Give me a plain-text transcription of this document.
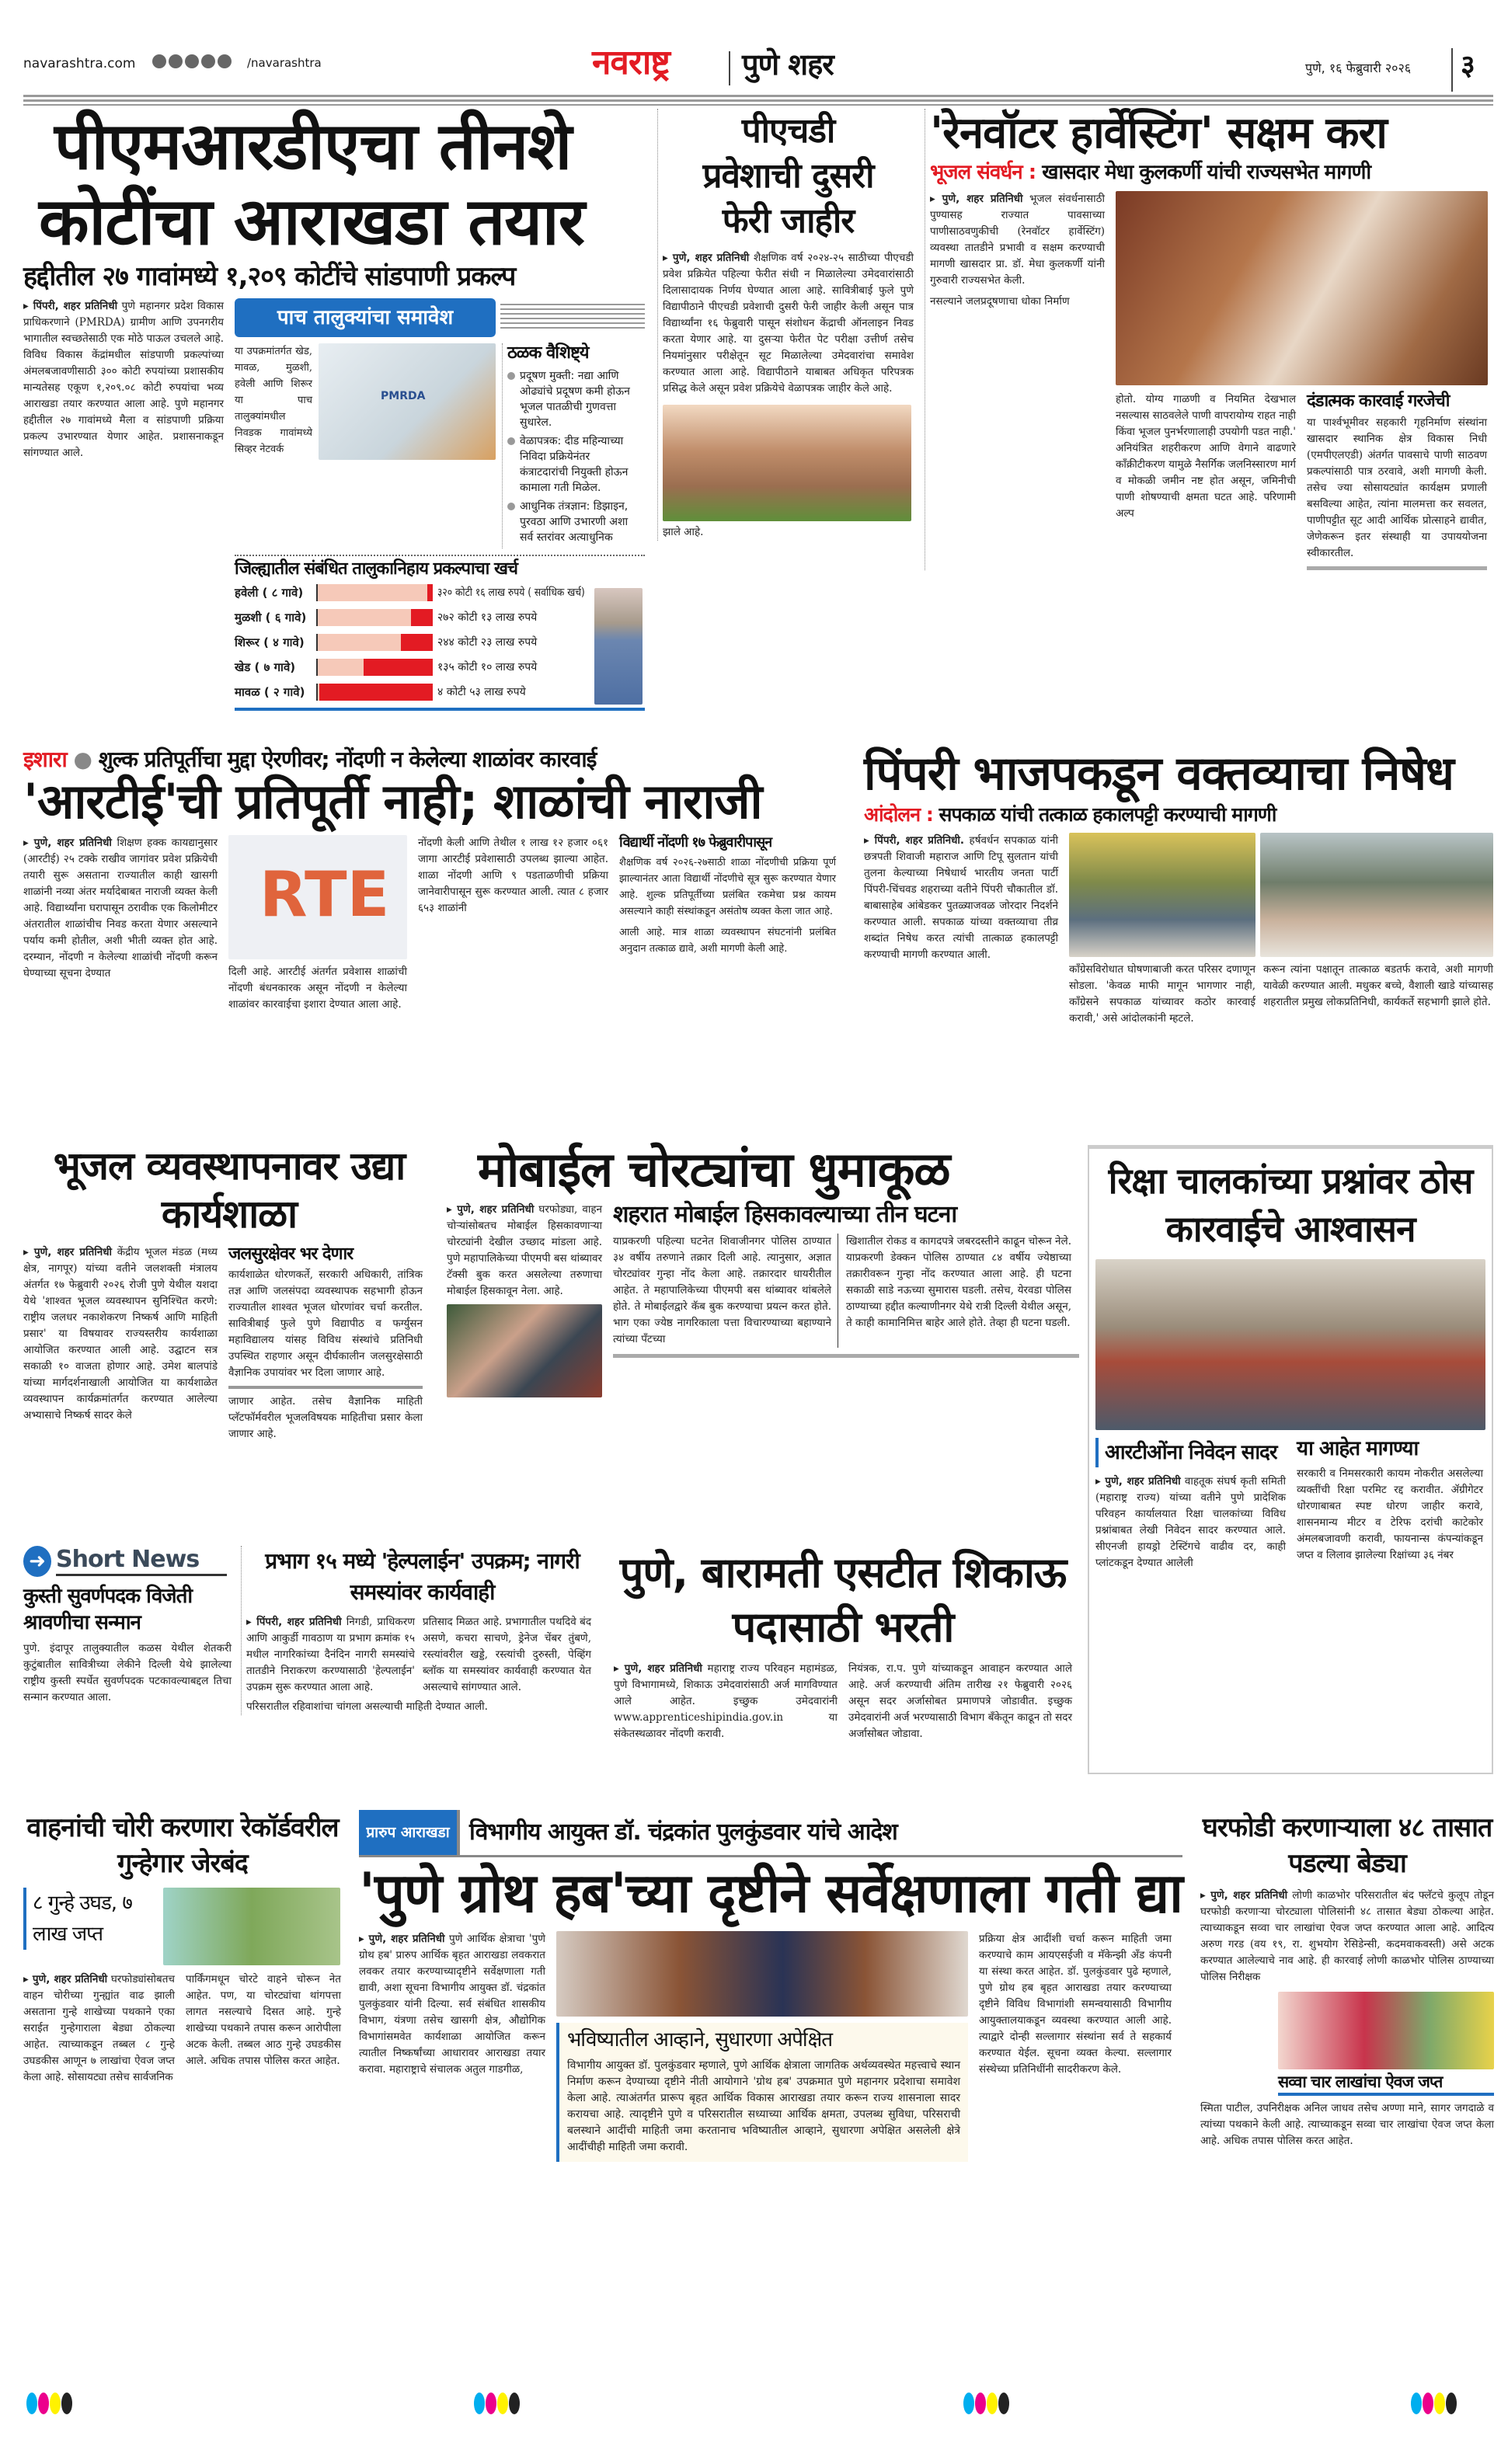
navarashtra.com	/navarashtra	नवराष्ट्र पुणे शहर	पुणे, १६ फेब्रुवारी २०२६ ३
पीएमआरडीएचा तीनशे
कोटींचा आराखडा तयार
हद्दीतील २७ गावांमध्ये १,२०९ कोटींचे सांडपाणी प्रकल्प
▸ पिंपरी, शहर प्रतिनिधी पुणे महानगर प्रदेश विकास प्राधिकरणाने (PMRDA) ग्रामीण आणि उपनगरीय भागातील स्वच्छतेसाठी एक मोठे पाऊल उचलले आहे. विविध विकास केंद्रांमधील सांडपाणी प्रकल्पांच्या अंमलबजावणीसाठी ३०० कोटी रुपयांच्या प्रशासकीय मान्यतेसह एकूण १,२०९.०८ कोटी रुपयांचा भव्य आराखडा तयार करण्यात आला आहे. पुणे महानगर हद्दीतील २७ गावांमध्ये मैला व सांडपाणी प्रक्रिया प्रकल्प उभारण्यात येणार आहेत. प्रशासनाकडून सांगण्यात आले.
पाच तालुक्यांचा समावेश
या उपक्रमांतर्गत खेड, मावळ, मुळशी, हवेली आणि शिरूर या पाच तालुक्यांमधील निवडक गावांमध्ये सिव्हर नेटवर्क
PMRDA
ठळक वैशिष्ट्ये
प्रदूषण मुक्ती: नद्या आणि ओढ्यांचे प्रदूषण कमी होऊन भूजल पातळीची गुणवत्ता सुधारेल.
वेळापत्रक: दीड महिन्याच्या निविदा प्रक्रियेनंतर कंत्राटदारांची नियुक्ती होऊन कामाला गती मिळेल.
आधुनिक तंत्रज्ञान: डिझाइन, पुरवठा आणि उभारणी अशा सर्व स्तरांवर अत्याधुनिक
जिल्ह्यातील संबंधित तालुकानिहाय प्रकल्पाचा खर्च
हवेली ( ८ गावे)	३२० कोटी १६ लाख रुपये ( सर्वाधिक खर्च)
मुळशी ( ६ गावे)	२७२ कोटी १३ लाख रुपये
शिरूर ( ४ गावे)	२४४ कोटी २३ लाख रुपये
खेड ( ७ गावे)	१३५ कोटी १० लाख रुपये
मावळ ( २ गावे)	४ कोटी ५३ लाख रुपये
पीएचडी
प्रवेशाची दुसरी
फेरी जाहीर
▸ पुणे, शहर प्रतिनिधी शैक्षणिक वर्ष २०२४-२५ साठीच्या पीएचडी प्रवेश प्रक्रियेत पहिल्या फेरीत संधी न मिळालेल्या उमेदवारांसाठी दिलासादायक निर्णय घेण्यात आला आहे. सावित्रीबाई फुले पुणे विद्यापीठाने पीएचडी प्रवेशाची दुसरी फेरी जाहीर केली असून पात्र विद्यार्थ्यांना १६ फेब्रुवारी पासून संशोधन केंद्राची ऑनलाइन निवड करता येणार आहे. या दुसऱ्या फेरीत पेट परीक्षा उत्तीर्ण तसेच नियमांनुसार परीक्षेतून सूट मिळालेल्या उमेदवारांचा समावेश करण्यात आला आहे. विद्यापीठाने याबाबत अधिकृत परिपत्रक प्रसिद्ध केले असून प्रवेश प्रक्रियेचे वेळापत्रक जाहीर केले आहे.
झाले आहे.
'रेनवॉटर हार्वेस्टिंग' सक्षम करा
भूजल संवर्धन : खासदार मेधा कुलकर्णी यांची राज्यसभेत मागणी
▸ पुणे, शहर प्रतिनिधी भूजल संवर्धनासाठी पुण्यासह राज्यात पावसाच्या पाणीसाठवणुकीची (रेनवॉटर हार्वेस्टिंग) व्यवस्था तातडीने प्रभावी व सक्षम करण्याची मागणी खासदार प्रा. डॉ. मेधा कुलकर्णी यांनी गुरुवारी राज्यसभेत केली.
नसल्याने जलप्रदूषणाचा धोका निर्माण
होतो. योग्य गाळणी व नियमित देखभाल नसल्यास साठवलेले पाणी वापरायोग्य राहत नाही किंवा भूजल पुनर्भरणालाही उपयोगी पडत नाही.' अनियंत्रित शहरीकरण आणि वेगाने वाढणारे काँक्रीटीकरण यामुळे नैसर्गिक जलनिस्सारण मार्ग व मोकळी जमीन नष्ट होत असून, जमिनीची पाणी शोषण्याची क्षमता घटत आहे. परिणामी अल्प
दंडात्मक कारवाई गरजेची
या पार्श्वभूमीवर सहकारी गृहनिर्माण संस्थांना खासदार स्थानिक क्षेत्र विकास निधी (एमपीएलएडी) अंतर्गत पावसाचे पाणी साठवण प्रकल्पांसाठी पात्र ठरवावे, अशी मागणी केली. तसेच ज्या सोसायट्यांत कार्यक्षम प्रणाली बसविल्या आहेत, त्यांना मालमत्ता कर सवलत, पाणीपट्टीत सूट आदी आर्थिक प्रोत्साहने द्यावीत, जेणेकरून इतर संस्थाही या उपाययोजना स्वीकारतील.
इशारा ● शुल्क प्रतिपूर्तीचा मुद्दा ऐरणीवर; नोंदणी न केलेल्या शाळांवर कारवाई
'आरटीई'ची प्रतिपूर्ती नाही; शाळांची नाराजी
▸ पुणे, शहर प्रतिनिधी शिक्षण हक्क कायद्यानुसार (आरटीई) २५ टक्के राखीव जागांवर प्रवेश प्रक्रियेची तयारी सुरू असताना राज्यातील काही खासगी शाळांनी नव्या अंतर मर्यादेबाबत नाराजी व्यक्त केली आहे. विद्यार्थ्यांना घरापासून ठरावीक एक किलोमीटर अंतरातील शाळांचीच निवड करता येणार असल्याने पर्याय कमी होतील, अशी भीती व्यक्त होत आहे. दरम्यान, नोंदणी न केलेल्या शाळांची नोंदणी करून घेण्याच्या सूचना देण्यात
RTE
दिली आहे. आरटीई अंतर्गत प्रवेशास शाळांची नोंदणी बंधनकारक असून नोंदणी न केलेल्या शाळांवर कारवाईचा इशारा देण्यात आला आहे.
नोंदणी केली आणि तेथील १ लाख १२ हजार ०६१ जागा आरटीई प्रवेशासाठी उपलब्ध झाल्या आहेत. शाळा नोंदणी आणि ९ पडताळणीची प्रक्रिया जानेवारीपासून सुरू करण्यात आली. त्यात ८ हजार ६५३ शाळांनी
विद्यार्थी नोंदणी १७ फेब्रुवारीपासून
शैक्षणिक वर्ष २०२६-२७साठी शाळा नोंदणीची प्रक्रिया पूर्ण झाल्यानंतर आता विद्यार्थी नोंदणीचे सूत्र सुरू करण्यात येणार आहे. शुल्क प्रतिपूर्तीच्या प्रलंबित रकमेचा प्रश्न कायम असल्याने काही संस्थांकडून असंतोष व्यक्त केला जात आहे.
आली आहे. मात्र शाळा व्यवस्थापन संघटनांनी प्रलंबित अनुदान तत्काळ द्यावे, अशी मागणी केली आहे.
पिंपरी भाजपकडून वक्तव्याचा निषेध
आंदोलन : सपकाळ यांची तत्काळ हकालपट्टी करण्याची मागणी
▸ पिंपरी, शहर प्रतिनिधी. हर्षवर्धन सपकाळ यांनी छत्रपती शिवाजी महाराज आणि टिपू सुलतान यांची तुलना केल्याच्या निषेधार्थ भारतीय जनता पार्टी पिंपरी-चिंचवड शहराच्या वतीने पिंपरी चौकातील डॉ. बाबासाहेब आंबेडकर पुतळ्याजवळ जोरदार निदर्शने करण्यात आली. सपकाळ यांच्या वक्तव्याचा तीव्र शब्दांत निषेध करत त्यांची तात्काळ हकालपट्टी करण्याची मागणी करण्यात आली.
काँग्रेसविरोधात घोषणाबाजी करत परिसर दणाणून सोडला. 'केवळ माफी मागून भागणार नाही, काँग्रेसने सपकाळ यांच्यावर कठोर कारवाई करावी,' असे आंदोलकांनी म्हटले.
करून त्यांना पक्षातून तात्काळ बडतर्फ करावे, अशी मागणी यावेळी करण्यात आली. मधुकर बच्चे, वैशाली खाडे यांच्यासह शहरातील प्रमुख लोकप्रतिनिधी, कार्यकर्ते सहभागी झाले होते.
भूजल व्यवस्थापनावर उद्या कार्यशाळा
▸ पुणे, शहर प्रतिनिधी केंद्रीय भूजल मंडळ (मध्य क्षेत्र, नागपूर) यांच्या वतीने जलशक्ती मंत्रालय अंतर्गत १७ फेब्रुवारी २०२६ रोजी पुणे येथील यशदा येथे 'शाश्वत भूजल व्यवस्थापन सुनिश्चित करणे: राष्ट्रीय जलधर नकाशेकरण निष्कर्ष आणि माहिती प्रसार' या विषयावर राज्यस्तरीय कार्यशाळा आयोजित करण्यात आली आहे. उद्घाटन सत्र सकाळी १० वाजता होणार आहे. उमेश बालपांडे यांच्या मार्गदर्शनाखाली आयोजित या कार्यशाळेत व्यवस्थापन कार्यक्रमांतर्गत करण्यात आलेल्या अभ्यासाचे निष्कर्ष सादर केले
जलसुरक्षेवर भर देणार
कार्यशाळेत धोरणकर्ते, सरकारी अधिकारी, तांत्रिक तज्ञ आणि जलसंपदा व्यवस्थापक सहभागी होऊन राज्यातील शाश्वत भूजल धोरणांवर चर्चा करतील. सावित्रीबाई फुले पुणे विद्यापीठ व फर्ग्युसन महाविद्यालय यांसह विविध संस्थांचे प्रतिनिधी उपस्थित राहणार असून दीर्घकालीन जलसुरक्षेसाठी वैज्ञानिक उपायांवर भर दिला जाणार आहे.
जाणार आहेत. तसेच वैज्ञानिक माहिती प्लॅटफॉर्मवरील भूजलविषयक माहितीचा प्रसार केला जाणार आहे.
मोबाईल चोरट्यांचा धुमाकूळ
▸ पुणे, शहर प्रतिनिधी घरफोड्या, वाहन चोऱ्यांसोबतच मोबाईल हिसकावणाऱ्या चोरट्यांनी देखील उच्छाद मांडला आहे. पुणे महापालिकेच्या पीएमपी बस थांब्यावर टॅक्सी बुक करत असलेल्या तरुणाचा मोबाईल हिसकावून नेला. आहे.
शहरात मोबाईल हिसकावल्याच्या तीन घटना
याप्रकरणी पहिल्या घटनेत शिवाजीनगर पोलिस ठाण्यात ३४ वर्षीय तरुणाने तक्रार दिली आहे. त्यानुसार, अज्ञात चोरट्यांवर गुन्हा नोंद केला आहे. तक्रारदार धायरीतील आहेत. ते महापालिकेच्या पीएमपी बस थांब्यावर थांबलेले होते. ते मोबाईलद्वारे कॅब बुक करण्याचा प्रयत्न करत होते. भाग एका ज्येष्ठ नागरिकाला पत्ता विचारण्याच्या बहाण्याने त्यांच्या पँटच्या
खिशातील रोकड व कागदपत्रे जबरदस्तीने काढून चोरून नेले. याप्रकरणी डेक्कन पोलिस ठाण्यात ८४ वर्षीय ज्येष्ठाच्या तक्रारीवरून गुन्हा नोंद करण्यात आला आहे. ही घटना सकाळी साडे नऊच्या सुमारास घडली. तसेच, येरवडा पोलिस ठाण्याच्या हद्दीत कल्याणीनगर येथे रात्री दिल्ली येथील असून, ते काही कामानिमित्त बाहेर आले होते. तेव्हा ही घटना घडली.
रिक्षा चालकांच्या प्रश्नांवर ठोस कारवाईचे आश्वासन
आरटीओंना निवेदन सादर
▸ पुणे, शहर प्रतिनिधी वाहतूक संघर्ष कृती समिती (महाराष्ट्र राज्य) यांच्या वतीने पुणे प्रादेशिक परिवहन कार्यालयात रिक्षा चालकांच्या विविध प्रश्नांबाबत लेखी निवेदन सादर करण्यात आले. सीएनजी हायड्रो टेस्टिंगचे वाढीव दर, काही प्लांटकडून देण्यात आलेली
या आहेत मागण्या
सरकारी व निमसरकारी कायम नोकरीत असलेल्या व्यक्तींची रिक्षा परमिट रद्द करावीत. ॲग्रीगेटर धोरणाबाबत स्पष्ट धोरण जाहीर करावे, शासनमान्य मीटर व टेरिफ दरांची काटेकोर अंमलबजावणी करावी, फायनान्स कंपन्यांकडून जप्त व लिलाव झालेल्या रिक्षांच्या ३६ नंबर
➜ Short News
कुस्ती सुवर्णपदक विजेती श्रावणीचा सन्मान
पुणे. इंदापूर तालुक्यातील कळस येथील शेतकरी कुटुंबातील सावित्रीच्या लेकीने दिल्ली येथे झालेल्या राष्ट्रीय कुस्ती स्पर्धेत सुवर्णपदक पटकावल्याबद्दल तिचा सन्मान करण्यात आला.
प्रभाग १५ मध्ये 'हेल्पलाईन' उपक्रम; नागरी समस्यांवर कार्यवाही
▸ पिंपरी, शहर प्रतिनिधी निगडी, प्राधिकरण आणि आकुर्डी गावठाण या प्रभाग क्रमांक १५ मधील नागरिकांच्या दैनंदिन नागरी समस्यांचे तातडीने निराकरण करण्यासाठी 'हेल्पलाईन' उपक्रम सुरू करण्यात आला आहे.
प्रतिसाद मिळत आहे. प्रभागातील पथदिवे बंद असणे, कचरा साचणे, ड्रेनेज चेंबर तुंबणे, रस्त्यांवरील खड्डे, रस्त्यांची दुरुस्ती, पेव्हिंग ब्लॉक या समस्यांवर कार्यवाही करण्यात येत असल्याचे सांगण्यात आले.
परिसरातील रहिवाशांचा चांगला असल्याची माहिती देण्यात आली.
पुणे, बारामती एसटीत शिकाऊ पदासाठी भरती
▸ पुणे, शहर प्रतिनिधी महाराष्ट्र राज्य परिवहन महामंडळ, पुणे विभागामध्ये, शिकाऊ उमेदवारांसाठी अर्ज मागविण्यात आले आहेत. इच्छुक उमेदवारांनी www.apprenticeshipindia.gov.in या संकेतस्थळावर नोंदणी करावी.
नियंत्रक, रा.प. पुणे यांच्याकडून आवाहन करण्यात आले आहे. अर्ज करण्याची अंतिम तारीख २१ फेब्रुवारी २०२६ असून सदर अर्जासोबत प्रमाणपत्रे जोडावीत. इच्छुक उमेदवारांनी अर्ज भरण्यासाठी विभाग बँकेतून काढून तो सदर अर्जासोबत जोडावा.
वाहनांची चोरी करणारा रेकॉर्डवरील गुन्हेगार जेरबंद
८ गुन्हे उघड, ७ लाख जप्त
▸ पुणे, शहर प्रतिनिधी घरफोड्यांसोबतच वाहन चोरीच्या गुन्ह्यांत वाढ झाली असताना गुन्हे शाखेच्या पथकाने एका सराईत गुन्हेगाराला बेड्या ठोकल्या आहेत. त्याच्याकडून तब्बल ८ गुन्हे उघडकीस आणून ७ लाखांचा ऐवज जप्त केला आहे. सोसायट्या तसेच सार्वजनिक
पार्किंगमधून चोरटे वाहने चोरून नेत आहेत. पण, या चोरट्यांचा थांगपत्ता लागत नसल्याचे दिसत आहे. गुन्हे शाखेच्या पथकाने तपास करून आरोपीला अटक केली. तब्बल आठ गुन्हे उघडकीस आले. अधिक तपास पोलिस करत आहेत.
प्रारुप आराखडा विभागीय आयुक्त डॉ. चंद्रकांत पुलकुंडवार यांचे आदेश
'पुणे ग्रोथ हब'च्या दृष्टीने सर्वेक्षणाला गती द्या
▸ पुणे, शहर प्रतिनिधी पुणे आर्थिक क्षेत्राचा 'पुणे ग्रोथ हब' प्रारुप आर्थिक बृहत आराखडा लवकरात लवकर तयार करण्याच्यादृष्टीने सर्वेक्षणाला गती द्यावी, अशा सूचना विभागीय आयुक्त डॉ. चंद्रकांत पुलकुंडवार यांनी दिल्या. सर्व संबंधित शासकीय विभाग, यंत्रणा तसेच खासगी क्षेत्र, औद्योगिक विभागांसमवेत कार्यशाळा आयोजित करून त्यातील निष्कर्षांच्या आधारावर आराखडा तयार करावा. महाराष्ट्राचे संचालक अतुल गाडगीळ,
भविष्यातील आव्हाने, सुधारणा अपेक्षित
विभागीय आयुक्त डॉ. पुलकुंडवार म्हणाले, पुणे आर्थिक क्षेत्राला जागतिक अर्थव्यवस्थेत महत्त्वाचे स्थान निर्माण करून देण्याच्या दृष्टीने नीती आयोगाने 'ग्रोथ हब' उपक्रमात पुणे महानगर प्रदेशाचा समावेश केला आहे. त्याअंतर्गत प्रारूप बृहत आर्थिक विकास आराखडा तयार करून राज्य शासनाला सादर करायचा आहे. त्यादृष्टीने पुणे व परिसरातील सध्याच्या आर्थिक क्षमता, उपलब्ध सुविधा, परिसराची बलस्थाने आदींची माहिती जमा करतानाच भविष्यातील आव्हाने, सुधारणा अपेक्षित असलेली क्षेत्रे आदींचीही माहिती जमा करावी.
प्रक्रिया क्षेत्र आदींशी चर्चा करून माहिती जमा करण्याचे काम आयएसईजी व मॅकेन्झी अँड कंपनी या संस्था करत आहेत. डॉ. पुलकुंडवार पुढे म्हणाले, पुणे ग्रोथ हब बृहत आराखडा तयार करण्याच्या दृष्टीने विविध विभागांशी समन्वयासाठी विभागीय आयुक्तालयाकडून व्यवस्था करण्यात आली आहे. त्याद्वारे दोन्ही सल्लागार संस्थांना सर्व ते सहकार्य करण्यात येईल. सूचना व्यक्त केल्या. सल्लागार संस्थेच्या प्रतिनिधींनी सादरीकरण केले.
घरफोडी करणाऱ्याला ४८ तासात पडल्या बेड्या
▸ पुणे, शहर प्रतिनिधी लोणी काळभोर परिसरातील बंद फ्लॅटचे कुलूप तोडून घरफोडी करणाऱ्या चोरट्याला पोलिसांनी ४८ तासात बेड्या ठोकल्या आहेत. त्याच्याकडून सव्वा चार लाखांचा ऐवज जप्त करण्यात आला आहे. आदित्य अरुण गरड (वय १९, रा. शुभयोग रेसिडेन्सी, कदमवाकवस्ती) असे अटक करण्यात आलेल्याचे नाव आहे. ही कारवाई लोणी काळभोर पोलिस ठाण्याच्या पोलिस निरीक्षक
सव्वा चार लाखांचा ऐवज जप्त
स्मिता पाटील, उपनिरीक्षक अनिल जाधव तसेच अण्णा माने, सागर जगदाळे व त्यांच्या पथकाने केली आहे. त्याच्याकडून सव्वा चार लाखांचा ऐवज जप्त केला आहे. अधिक तपास पोलिस करत आहेत.
